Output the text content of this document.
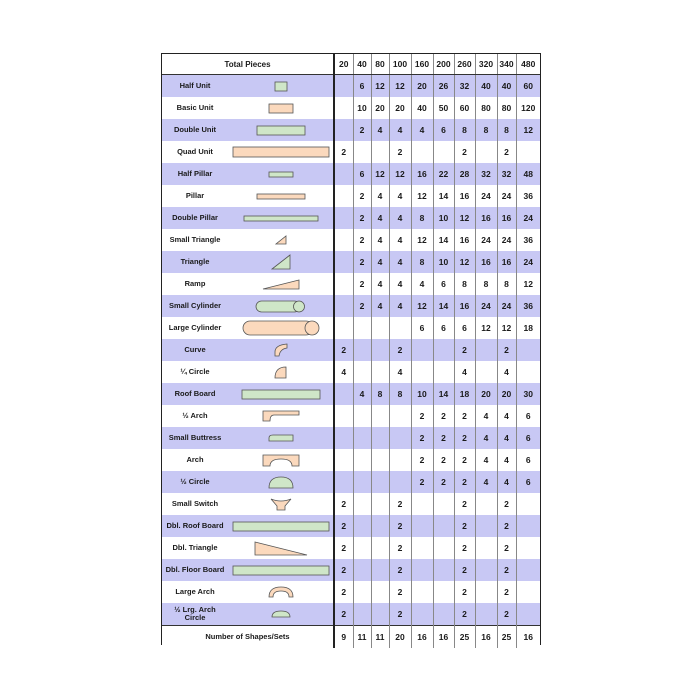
Total Pieces		20	40	80	100	160	200	260	320	340	480
Half Unit			6	12	12	20	26	32	40	40	60
Basic Unit			10	20	20	40	50	60	80	80	120
Double Unit			2	4	4	4	6	8	8	8	12
Quad Unit		2			2			2		2	
Half Pillar			6	12	12	16	22	28	32	32	48
Pillar			2	4	4	12	14	16	24	24	36
Double Pillar			2	4	4	8	10	12	16	16	24
Small Triangle			2	4	4	12	14	16	24	24	36
Triangle			2	4	4	8	10	12	16	16	24
Ramp			2	4	4	4	6	8	8	8	12
Small Cylinder			2	4	4	12	14	16	24	24	36
Large Cylinder						6	6	6	12	12	18
Curve		2			2			2		2	
¼ Circle		4			4			4		4	
Roof Board			4	8	8	10	14	18	20	20	30
½ Arch						2	2	2	4	4	6
Small Buttress						2	2	2	4	4	6
Arch						2	2	2	4	4	6
½ Circle						2	2	2	4	4	6
Small Switch		2			2			2		2	
Dbl. Roof Board		2			2			2		2	
Dbl. Triangle		2			2			2		2	
Dbl. Floor Board		2			2			2		2	
Large Arch		2			2			2		2	
½ Lrg. Arch Circle		2			2			2		2	
Number of Shapes/Sets		9	11	11	20	16	16	25	16	25	16
